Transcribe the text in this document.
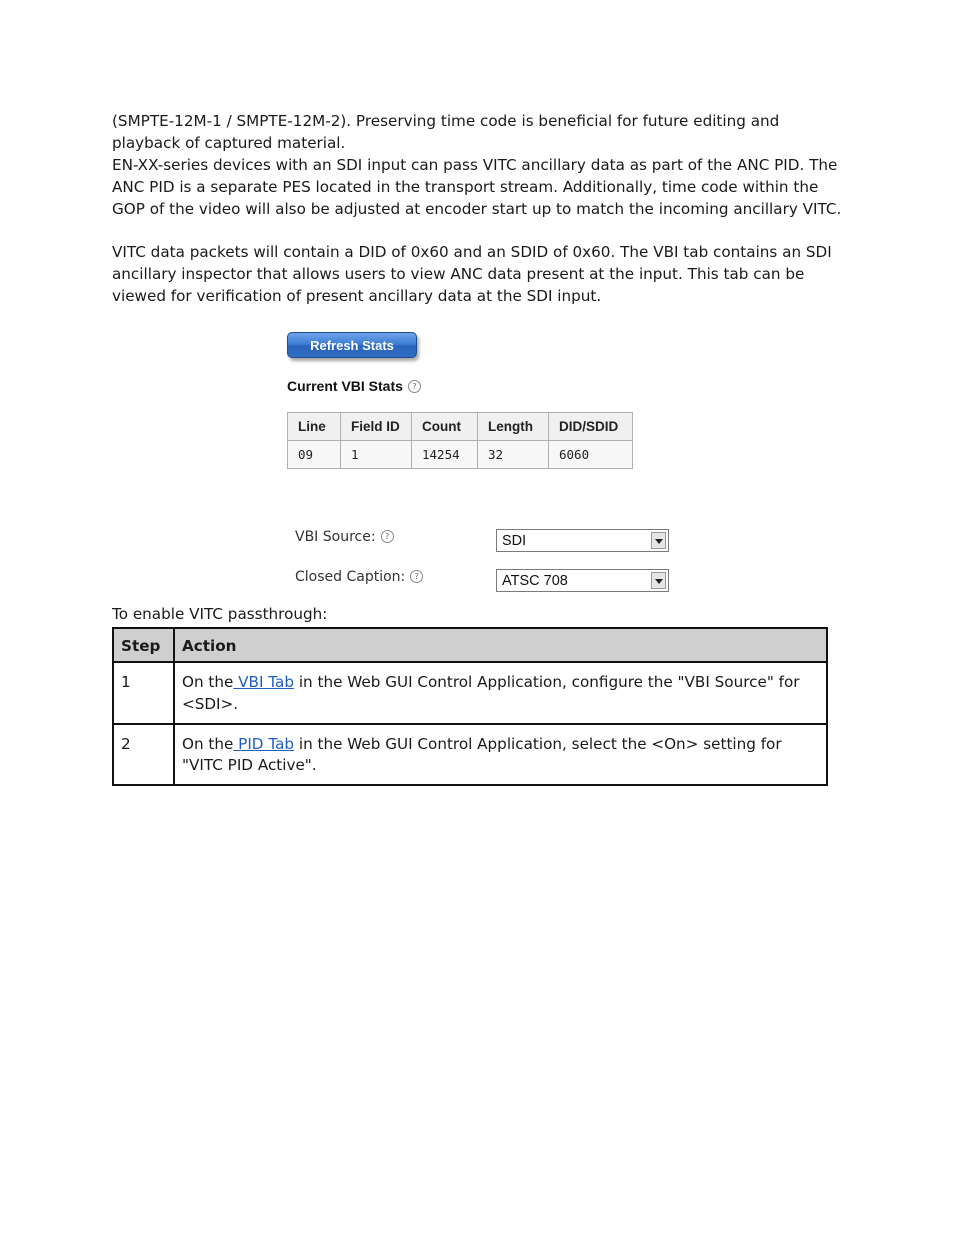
(SMPTE-12M-1 / SMPTE-12M-2). Preserving time code is beneficial for future editing and playback of captured material.

EN-XX-series devices with an SDI input can pass VITC ancillary data as part of the ANC PID. The ANC PID is a separate PES located in the transport stream. Additionally, time code within the GOP of the video will also be adjusted at encoder start up to match the incoming ancillary VITC.

VITC data packets will contain a DID of 0x60 and an SDID of 0x60. The VBI tab contains an SDI ancillary inspector that allows users to view ANC data present at the input. This tab can be viewed for verification of present ancillary data at the SDI input.

Refresh Stats
Current VBI Stats ?
Line	Field ID	Count	Length	DID/SDID
09	1	14254	32	6060
VBI Source: ?	SDI
Closed Caption: ?	ATSC 708
To enable VITC passthrough:
Step	Action
1	On the VBI Tab in the Web GUI Control Application, configure the "VBI Source" for <SDI>.
2	On the PID Tab in the Web GUI Control Application, select the <On> setting for "VITC PID Active".
